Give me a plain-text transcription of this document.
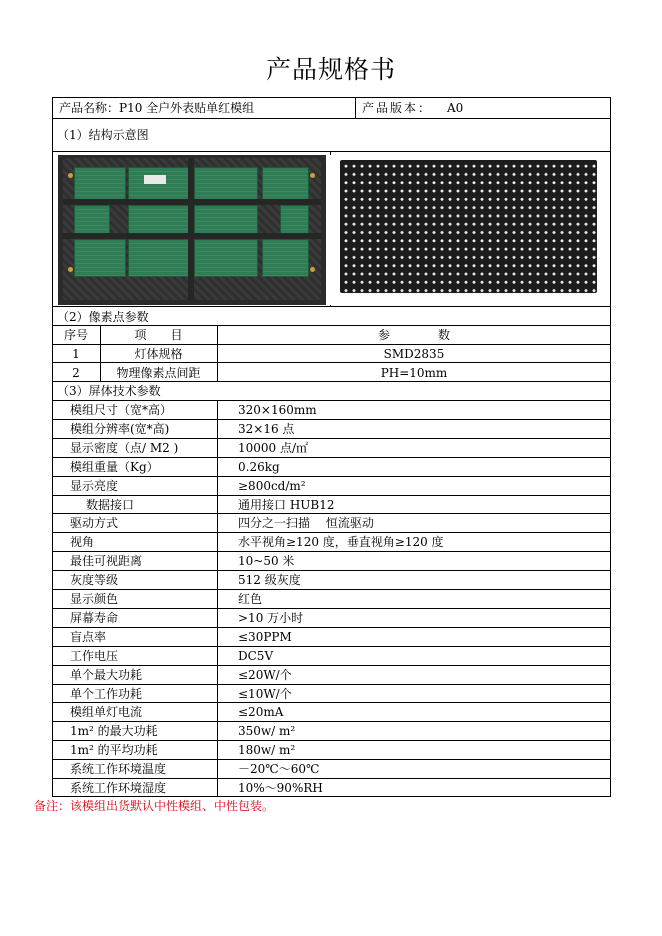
产品规格书
产品名称：P10 全户外表贴单红模组	产品版本： A0
（1）结构示意图
（2）像素点参数
序号	项　　目	参　　　　数
1	灯体规格	SMD2835
2	物理像素点间距	PH=10mm
（3）屏体技术参数
模组尺寸（宽*高）	320×160mm
模组分辨率(宽*高)	32×16 点
显示密度（点/ M2 )	10000 点/㎡
模组重量（Kg）	0.26kg
显示亮度	≥800cd/m²
数据接口	通用接口 HUB12
驱动方式	四分之一扫描　 恒流驱动
视角	水平视角≥120 度，垂直视角≥120 度
最佳可视距离	10~50 米
灰度等级	512 级灰度
显示颜色	红色
屏幕寿命	>10 万小时
盲点率	≤30PPM
工作电压	DC5V
单个最大功耗	≤20W/个
单个工作功耗	≤10W/个
模组单灯电流	≤20mA
1m² 的最大功耗	350w/ m²
1m² 的平均功耗	180w/ m²
系统工作环境温度	－20℃～60℃
系统工作环境湿度	10%～90%RH
备注：该模组出货默认中性模组、中性包装。
